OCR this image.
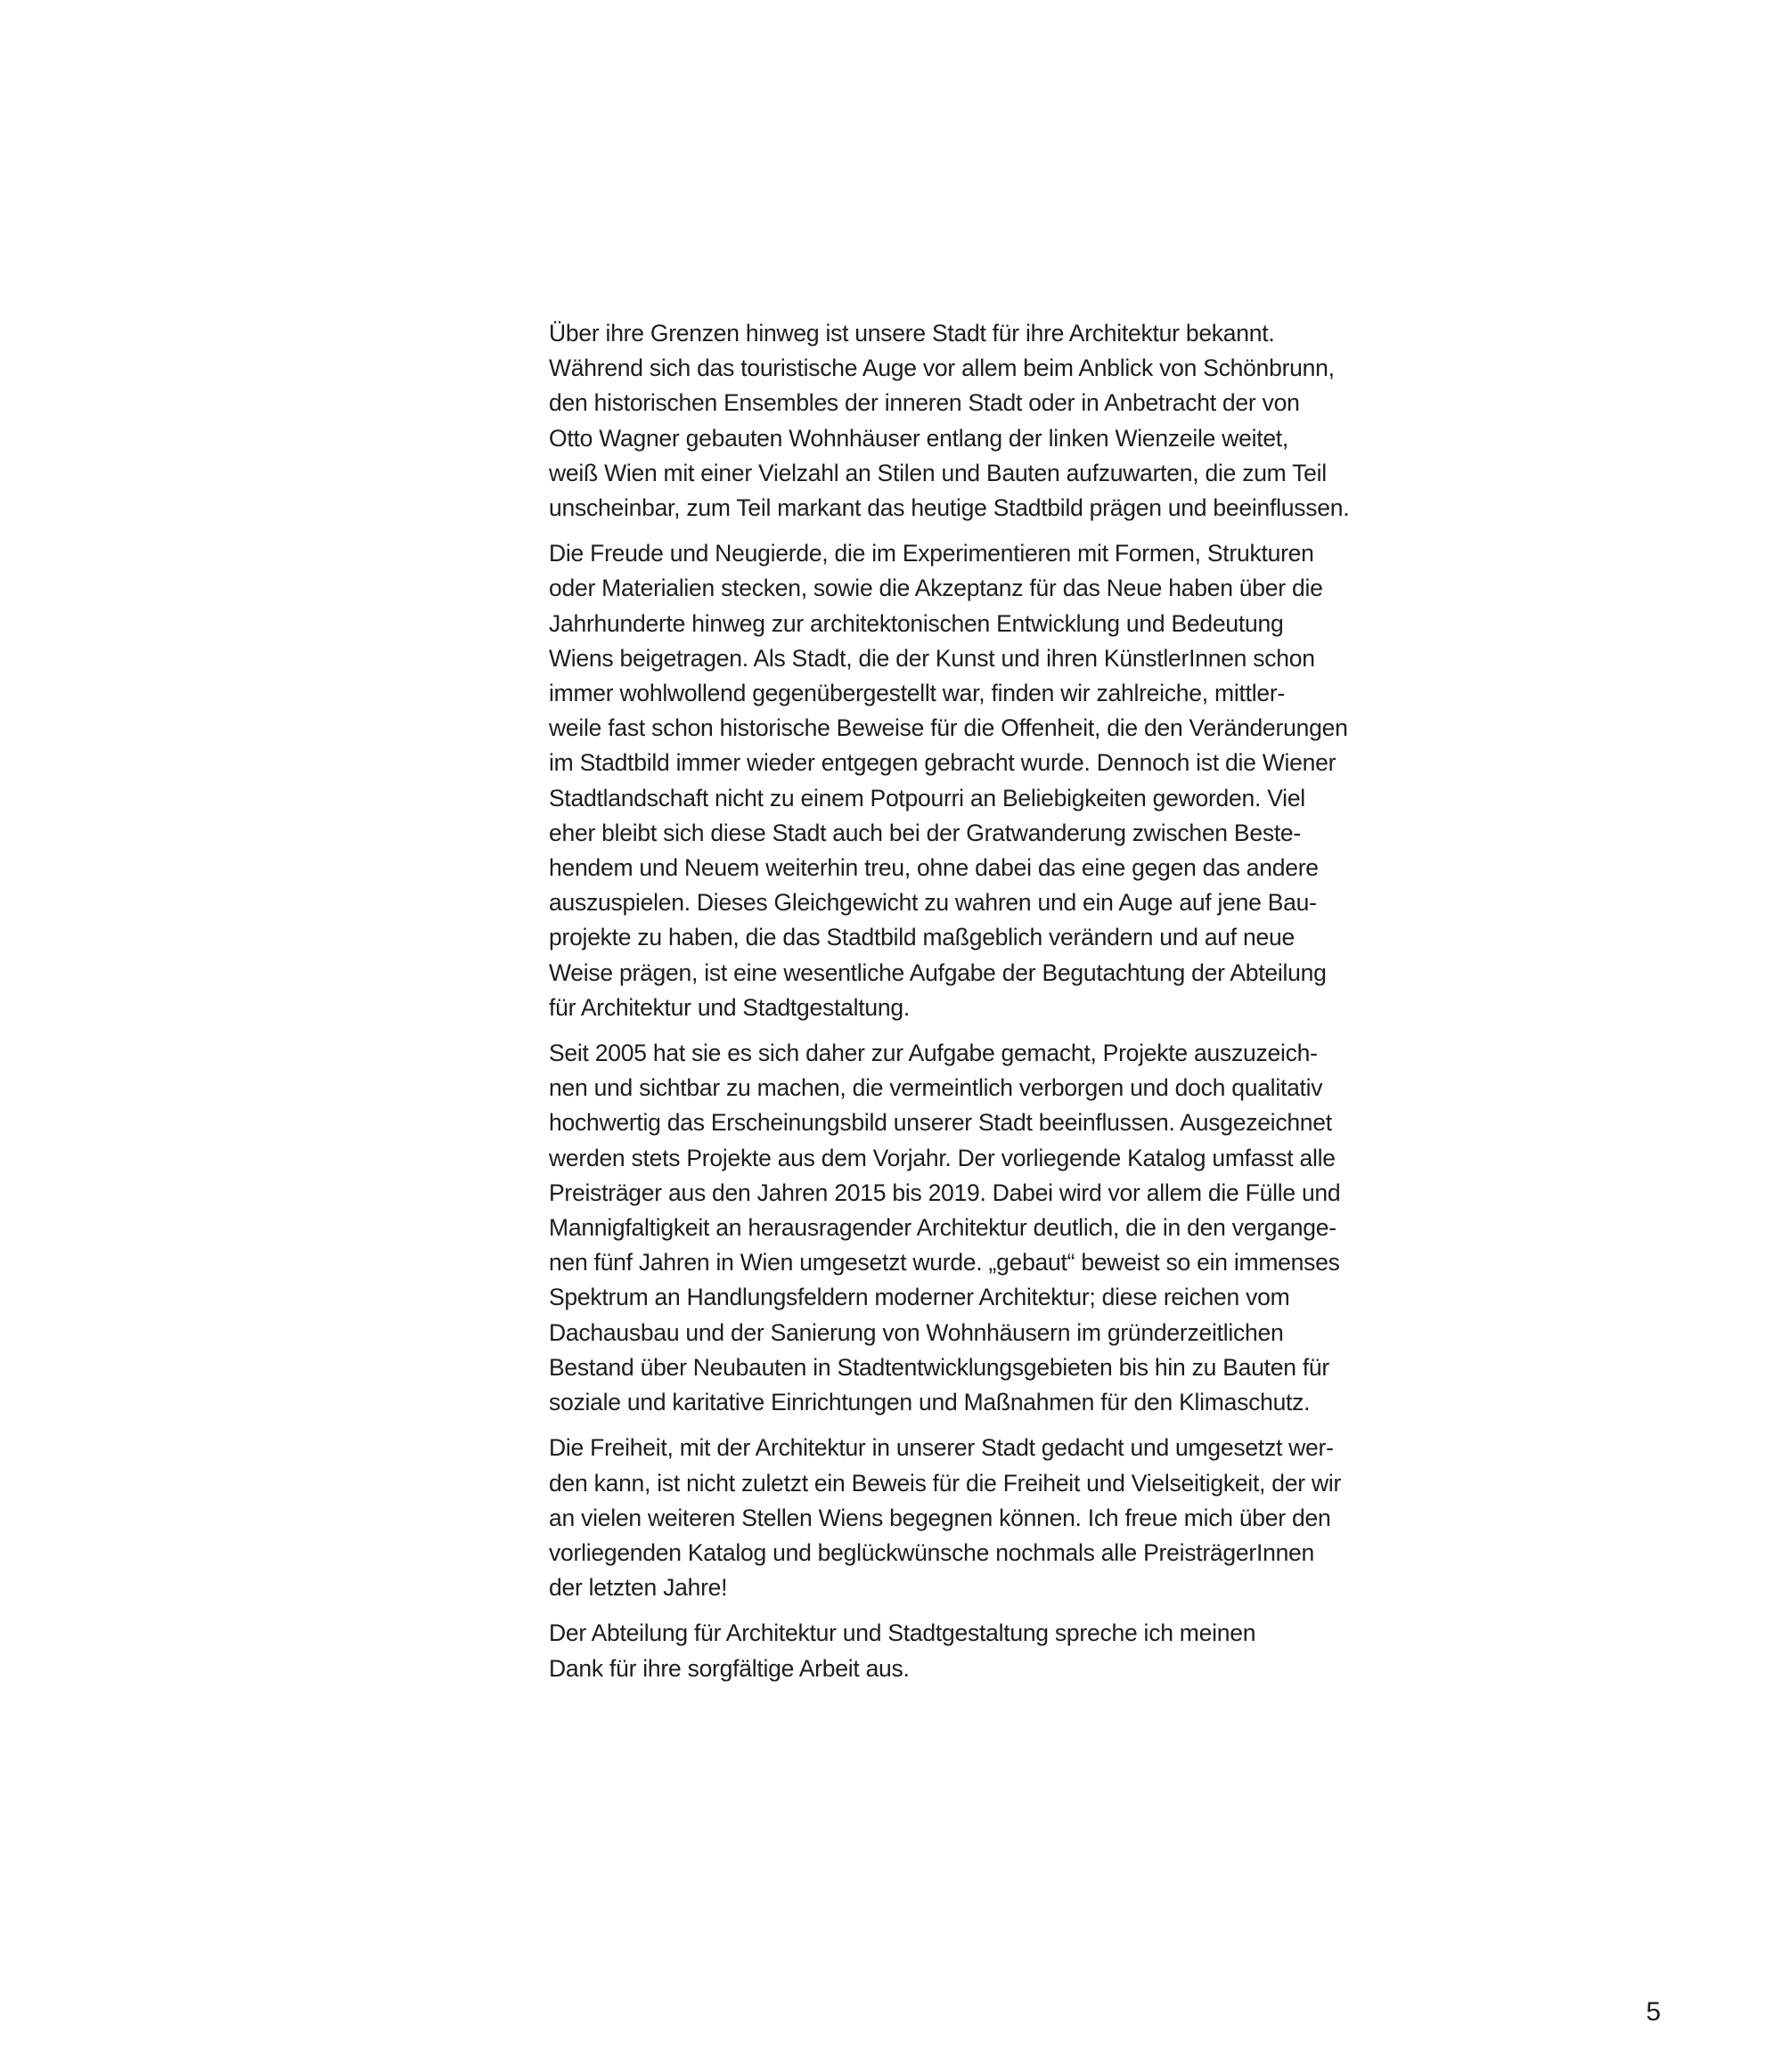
Über ihre Grenzen hinweg ist unsere Stadt für ihre Architektur bekannt.
Während sich das touristische Auge vor allem beim Anblick von Schönbrunn,
den historischen Ensembles der inneren Stadt oder in Anbetracht der von
Otto Wagner gebauten Wohnhäuser entlang der linken Wienzeile weitet,
weiß Wien mit einer Vielzahl an Stilen und Bauten aufzuwarten, die zum Teil
unscheinbar, zum Teil markant das heutige Stadtbild prägen und beeinflussen.

Die Freude und Neugierde, die im Experimentieren mit Formen, Strukturen
oder Materialien stecken, sowie die Akzeptanz für das Neue haben über die
Jahrhunderte hinweg zur architektonischen Entwicklung und Bedeutung
Wiens beigetragen. Als Stadt, die der Kunst und ihren KünstlerInnen schon
immer wohlwollend gegenübergestellt war, finden wir zahlreiche, mittler-
weile fast schon historische Beweise für die Offenheit, die den Veränderungen
im Stadtbild immer wieder entgegen gebracht wurde. Dennoch ist die Wiener
Stadtlandschaft nicht zu einem Potpourri an Beliebigkeiten geworden. Viel
eher bleibt sich diese Stadt auch bei der Gratwanderung zwischen Beste-
hendem und Neuem weiterhin treu, ohne dabei das eine gegen das andere
auszuspielen. Dieses Gleichgewicht zu wahren und ein Auge auf jene Bau-
projekte zu haben, die das Stadtbild maßgeblich verändern und auf neue
Weise prägen, ist eine wesentliche Aufgabe der Begutachtung der Abteilung
für Architektur und Stadtgestaltung.

Seit 2005 hat sie es sich daher zur Aufgabe gemacht, Projekte auszuzeich-
nen und sichtbar zu machen, die vermeintlich verborgen und doch qualitativ
hochwertig das Erscheinungsbild unserer Stadt beeinflussen. Ausgezeichnet
werden stets Projekte aus dem Vorjahr. Der vorliegende Katalog umfasst alle
Preisträger aus den Jahren 2015 bis 2019. Dabei wird vor allem die Fülle und
Mannigfaltigkeit an herausragender Architektur deutlich, die in den vergange-
nen fünf Jahren in Wien umgesetzt wurde. „gebaut“ beweist so ein immenses
Spektrum an Handlungsfeldern moderner Architektur; diese reichen vom
Dachausbau und der Sanierung von Wohnhäusern im gründerzeitlichen
Bestand über Neubauten in Stadtentwicklungsgebieten bis hin zu Bauten für
soziale und karitative Einrichtungen und Maßnahmen für den Klimaschutz.

Die Freiheit, mit der Architektur in unserer Stadt gedacht und umgesetzt wer-
den kann, ist nicht zuletzt ein Beweis für die Freiheit und Vielseitigkeit, der wir
an vielen weiteren Stellen Wiens begegnen können. Ich freue mich über den
vorliegenden Katalog und beglückwünsche nochmals alle PreisträgerInnen
der letzten Jahre!

Der Abteilung für Architektur und Stadtgestaltung spreche ich meinen
Dank für ihre sorgfältige Arbeit aus.

5
